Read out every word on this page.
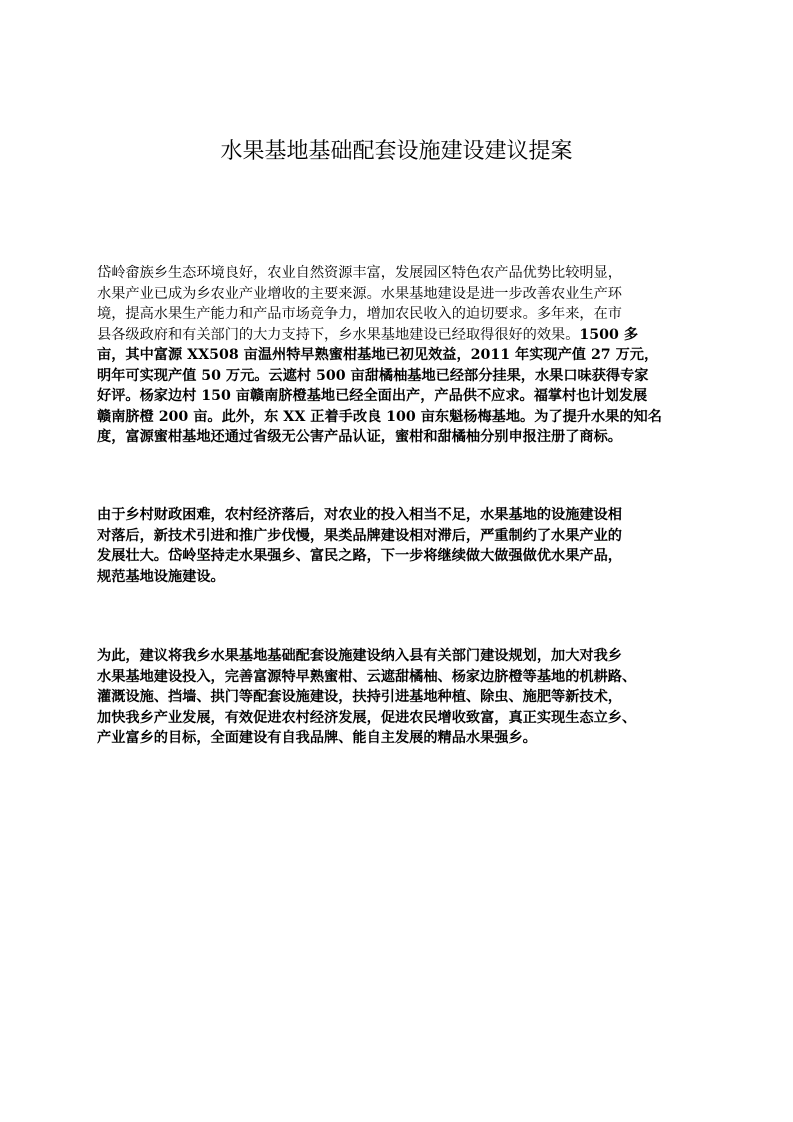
水果基地基础配套设施建设建议提案
岱岭畲族乡生态环境良好，农业自然资源丰富，发展园区特色农产品优势比较明显，
水果产业已成为乡农业产业增收的主要来源。水果基地建设是进一步改善农业生产环
境，提高水果生产能力和产品市场竞争力，增加农民收入的迫切要求。多年来，在市
县各级政府和有关部门的大力支持下，乡水果基地建设已经取得很好的效果。1500 多
亩，其中富源 XX508 亩温州特早熟蜜柑基地已初见效益，2011 年实现产值 27 万元，
明年可实现产值 50 万元。云遮村 500 亩甜橘柚基地已经部分挂果，水果口味获得专家
好评。杨家边村 150 亩赣南脐橙基地已经全面出产，产品供不应求。福掌村也计划发展
赣南脐橙 200 亩。此外，东 XX 正着手改良 100 亩东魁杨梅基地。为了提升水果的知名
度，富源蜜柑基地还通过省级无公害产品认证，蜜柑和甜橘柚分别申报注册了商标。
由于乡村财政困难，农村经济落后，对农业的投入相当不足，水果基地的设施建设相
对落后，新技术引进和推广步伐慢，果类品牌建设相对滞后，严重制约了水果产业的
发展壮大。岱岭坚持走水果强乡、富民之路，下一步将继续做大做强做优水果产品，
规范基地设施建设。
为此，建议将我乡水果基地基础配套设施建设纳入县有关部门建设规划，加大对我乡
水果基地建设投入，完善富源特早熟蜜柑、云遮甜橘柚、杨家边脐橙等基地的机耕路、
灌溉设施、挡墙、拱门等配套设施建设，扶持引进基地种植、除虫、施肥等新技术，
加快我乡产业发展，有效促进农村经济发展，促进农民增收致富，真正实现生态立乡、
产业富乡的目标，全面建设有自我品牌、能自主发展的精品水果强乡。
